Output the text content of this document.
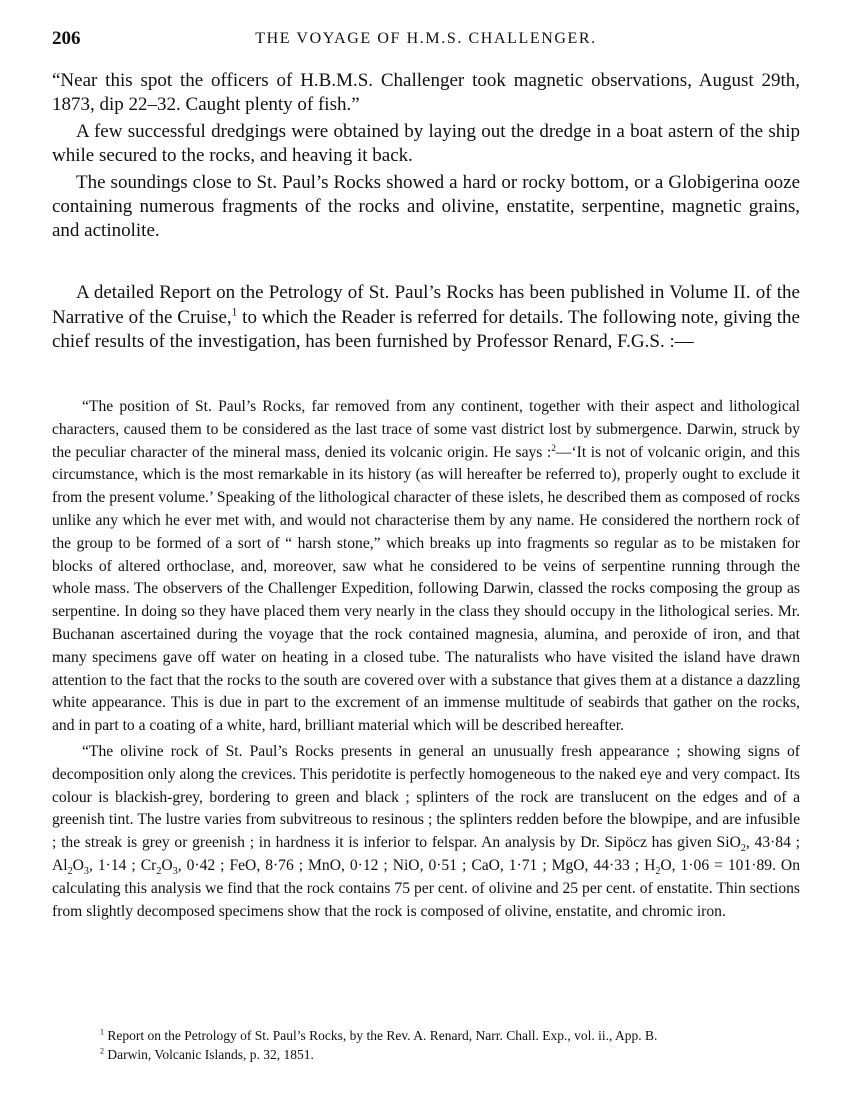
206	THE VOYAGE OF H.M.S. CHALLENGER.

“Near this spot the officers of H.B.M.S. Challenger took magnetic observations, August 29th, 1873, dip 22–32. Caught plenty of fish.”

A few successful dredgings were obtained by laying out the dredge in a boat astern of the ship while secured to the rocks, and heaving it back.

The soundings close to St. Paul’s Rocks showed a hard or rocky bottom, or a Globigerina ooze containing numerous fragments of the rocks and olivine, enstatite, serpentine, magnetic grains, and actinolite.

A detailed Report on the Petrology of St. Paul’s Rocks has been published in Volume II. of the Narrative of the Cruise,$^1$ to which the Reader is referred for details. The following note, giving the chief results of the investigation, has been furnished by Professor Renard, F.G.S. :—

“The position of St. Paul’s Rocks, far removed from any continent, together with their aspect and lithological characters, caused them to be considered as the last trace of some vast district lost by submergence. Darwin, struck by the peculiar character of the mineral mass, denied its volcanic origin. He says :$^2$—‘It is not of volcanic origin, and this circumstance, which is the most remarkable in its history (as will hereafter be referred to), properly ought to exclude it from the present volume.’ Speaking of the lithological character of these islets, he described them as composed of rocks unlike any which he ever met with, and would not characterise them by any name. He considered the northern rock of the group to be formed of a sort of “ harsh stone,” which breaks up into fragments so regular as to be mistaken for blocks of altered orthoclase, and, moreover, saw what he considered to be veins of serpentine running through the whole mass. The observers of the Challenger Expedition, following Darwin, classed the rocks composing the group as serpentine. In doing so they have placed them very nearly in the class they should occupy in the lithological series. Mr. Buchanan ascertained during the voyage that the rock contained magnesia, alumina, and peroxide of iron, and that many specimens gave off water on heating in a closed tube. The naturalists who have visited the island have drawn attention to the fact that the rocks to the south are covered over with a substance that gives them at a distance a dazzling white appearance. This is due in part to the excrement of an immense multitude of seabirds that gather on the rocks, and in part to a coating of a white, hard, brilliant material which will be described hereafter.

“The olivine rock of St. Paul’s Rocks presents in general an unusually fresh appearance ; showing signs of decomposition only along the crevices. This peridotite is perfectly homogeneous to the naked eye and very compact. Its colour is blackish-grey, bordering to green and black ; splinters of the rock are translucent on the edges and of a greenish tint. The lustre varies from subvitreous to resinous ; the splinters redden before the blowpipe, and are infusible ; the streak is grey or greenish ; in hardness it is inferior to felspar. An analysis by Dr. Sipöcz has given SiO$_2$, 43·84 ; $Al_2O_3$, 1·14 ; $Cr_2O_3$, 0·42 ; FeO, 8·76 ; MnO, 0·12 ; NiO, 0·51 ; CaO, 1·71 ; MgO, 44·33 ; $H_2O$, 1·06 = 101·89. On calculating this analysis we find that the rock contains 75 per cent. of olivine and 25 per cent. of enstatite. Thin sections from slightly decomposed specimens show that the rock is composed of olivine, enstatite, and chromic iron.

$^1$ Report on the Petrology of St. Paul’s Rocks, by the Rev. A. Renard, Narr. Chall. Exp., vol. ii., App. B.

$^2$ Darwin, Volcanic Islands, p. 32, 1851.
